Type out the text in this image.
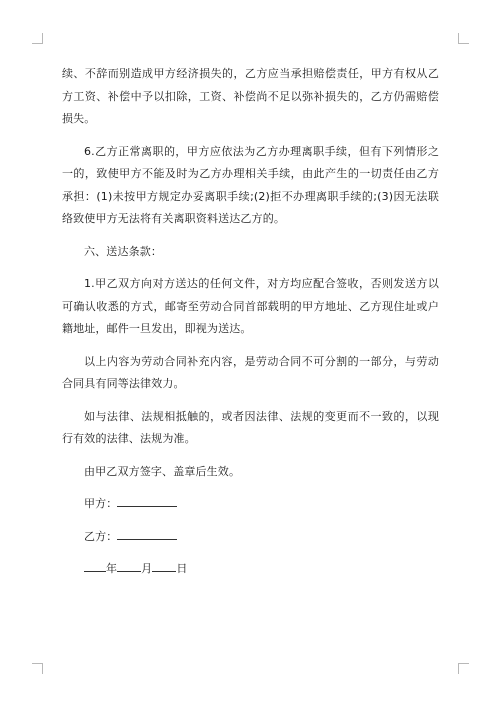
续、不辞而别造成甲方经济损失的，乙方应当承担赔偿责任，甲方有权从乙方工资、补偿中予以扣除，工资、补偿尚不足以弥补损失的，乙方仍需赔偿损失。

6.乙方正常离职的，甲方应依法为乙方办理离职手续，但有下列情形之一的，致使甲方不能及时为乙方办理相关手续，由此产生的一切责任由乙方承担：(1)未按甲方规定办妥离职手续;(2)拒不办理离职手续的;(3)因无法联络致使甲方无法将有关离职资料送达乙方的。

六、送达条款：

1.甲乙双方向对方送达的任何文件，对方均应配合签收，否则发送方以可确认收悉的方式，邮寄至劳动合同首部载明的甲方地址、乙方现住址或户籍地址，邮件一旦发出，即视为送达。

以上内容为劳动合同补充内容，是劳动合同不可分割的一部分，与劳动合同具有同等法律效力。

如与法律、法规相抵触的，或者因法律、法规的变更而不一致的，以现行有效的法律、法规为准。

由甲乙双方签字、盖章后生效。

甲方：

乙方：

年 月 日
